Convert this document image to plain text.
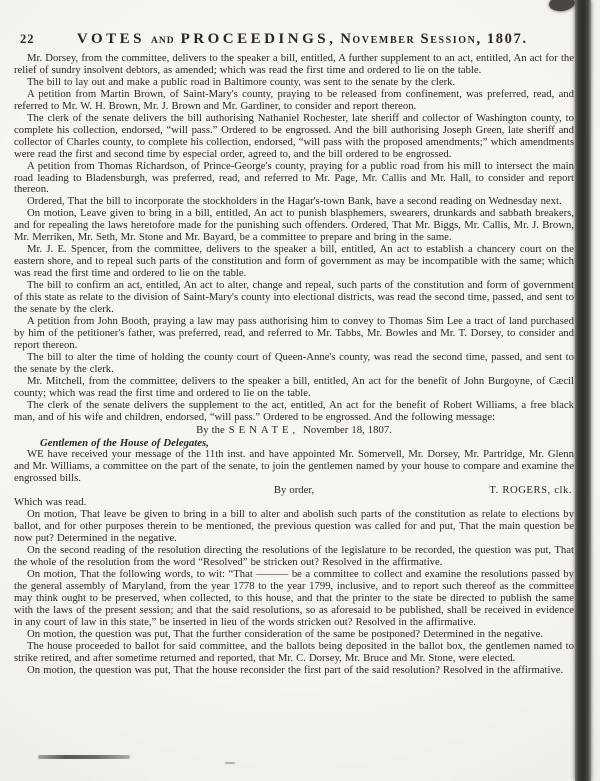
22	VOTES AND PROCEEDINGS, November Session, 1807.
Mr. Dorsey, from the committee, delivers to the speaker a bill, entitled, A further supplement to an act, entitled, An act for the relief of sundry insolvent debtors, as amended; which was read the first time and ordered to lie on the table.
The bill to lay out and make a public road in Baltimore county, was sent to the senate by the clerk.
A petition from Martin Brown, of Saint-Mary's county, praying to be released from confinement, was preferred, read, and referred to Mr. W. H. Brown, Mr. J. Brown and Mr. Gardiner, to consider and report thereon.
The clerk of the senate delivers the bill authorising Nathaniel Rochester, late sheriff and collector of Washington county, to complete his collection, endorsed, “will pass.” Ordered to be engrossed. And the bill authorising Joseph Green, late sheriff and collector of Charles county, to complete his collection, endorsed, “will pass with the proposed amendments;” which amendments were read the first and second time by especial order, agreed to, and the bill ordered to be engrossed.
A petition from Thomas Richardson, of Prince-George's county, praying for a public road from his mill to intersect the main road leading to Bladensburgh, was preferred, read, and referred to Mr. Page, Mr. Callis and Mr. Hall, to consider and report thereon.
Ordered, That the bill to incorporate the stockholders in the Hagar's-town Bank, have a second reading on Wednesday next.
On motion, Leave given to bring in a bill, entitled, An act to punish blasphemers, swearers, drunkards and sabbath breakers, and for repealing the laws heretofore made for the punishing such offenders. Ordered, That Mr. Biggs, Mr. Callis, Mr. J. Brown, Mr. Merriken, Mr. Seth, Mr. Stone and Mr. Bayard, be a committee to prepare and bring in the same.
Mr. J. E. Spencer, from the committee, delivers to the speaker a bill, entitled, An act to establish a chancery court on the eastern shore, and to repeal such parts of the constitution and form of government as may be incompatible with the same; which was read the first time and ordered to lie on the table.
The bill to confirm an act, entitled, An act to alter, change and repeal, such parts of the constitution and form of government of this state as relate to the division of Saint-Mary's county into electional districts, was read the second time, passed, and sent to the senate by the clerk.
A petition from John Booth, praying a law may pass authorising him to convey to Thomas Sim Lee a tract of land purchased by him of the petitioner's father, was preferred, read, and referred to Mr. Tabbs, Mr. Bowles and Mr. T. Dorsey, to consider and report thereon.
The bill to alter the time of holding the county court of Queen-Anne's county, was read the second time, passed, and sent to the senate by the clerk.
Mr. Mitchell, from the committee, delivers to the speaker a bill, entitled, An act for the benefit of John Burgoyne, of Cæcil county; which was read the first time and ordered to lie on the table.
The clerk of the senate delivers the supplement to the act, entitled, An act for the benefit of Robert Williams, a free black man, and of his wife and children, endorsed, “will pass.” Ordered to be engrossed. And the following message:
By the SENATE, November 18, 1807.
Gentlemen of the House of Delegates,
WE have received your message of the 11th inst. and have appointed Mr. Somervell, Mr. Dorsey, Mr. Partridge, Mr. Glenn and Mr. Williams, a committee on the part of the senate, to join the gentlemen named by your house to compare and examine the engrossed bills.
By order,	T. ROGERS, clk.
Which was read.
On motion, That leave be given to bring in a bill to alter and abolish such parts of the constitution as relate to elections by ballot, and for other purposes therein to be mentioned, the previous question was called for and put, That the main question be now put? Determined in the negative.
On the second reading of the resolution directing the resolutions of the legislature to be recorded, the question was put, That the whole of the resolution from the word “Resolved” be stricken out? Resolved in the affirmative.
On motion, That the following words, to wit: “That ——— be a committee to collect and examine the resolutions passed by the general assembly of Maryland, from the year 1778 to the year 1799, inclusive, and to report such thereof as the committee may think ought to be preserved, when collected, to this house, and that the printer to the state be directed to publish the same with the laws of the present session; and that the said resolutions, so as aforesaid to be published, shall be received in evidence in any court of law in this state,” be inserted in lieu of the words stricken out? Resolved in the affirmative.
On motion, the question was put, That the further consideration of the same be postponed? Determined in the negative.
The house proceeded to ballot for said committee, and the ballots being deposited in the ballot box, the gentlemen named to strike retired, and after sometime returned and reported, that Mr. C. Dorsey, Mr. Bruce and Mr. Stone, were elected.
On motion, the question was put, That the house reconsider the first part of the said resolution? Resolved in the affirmative.
